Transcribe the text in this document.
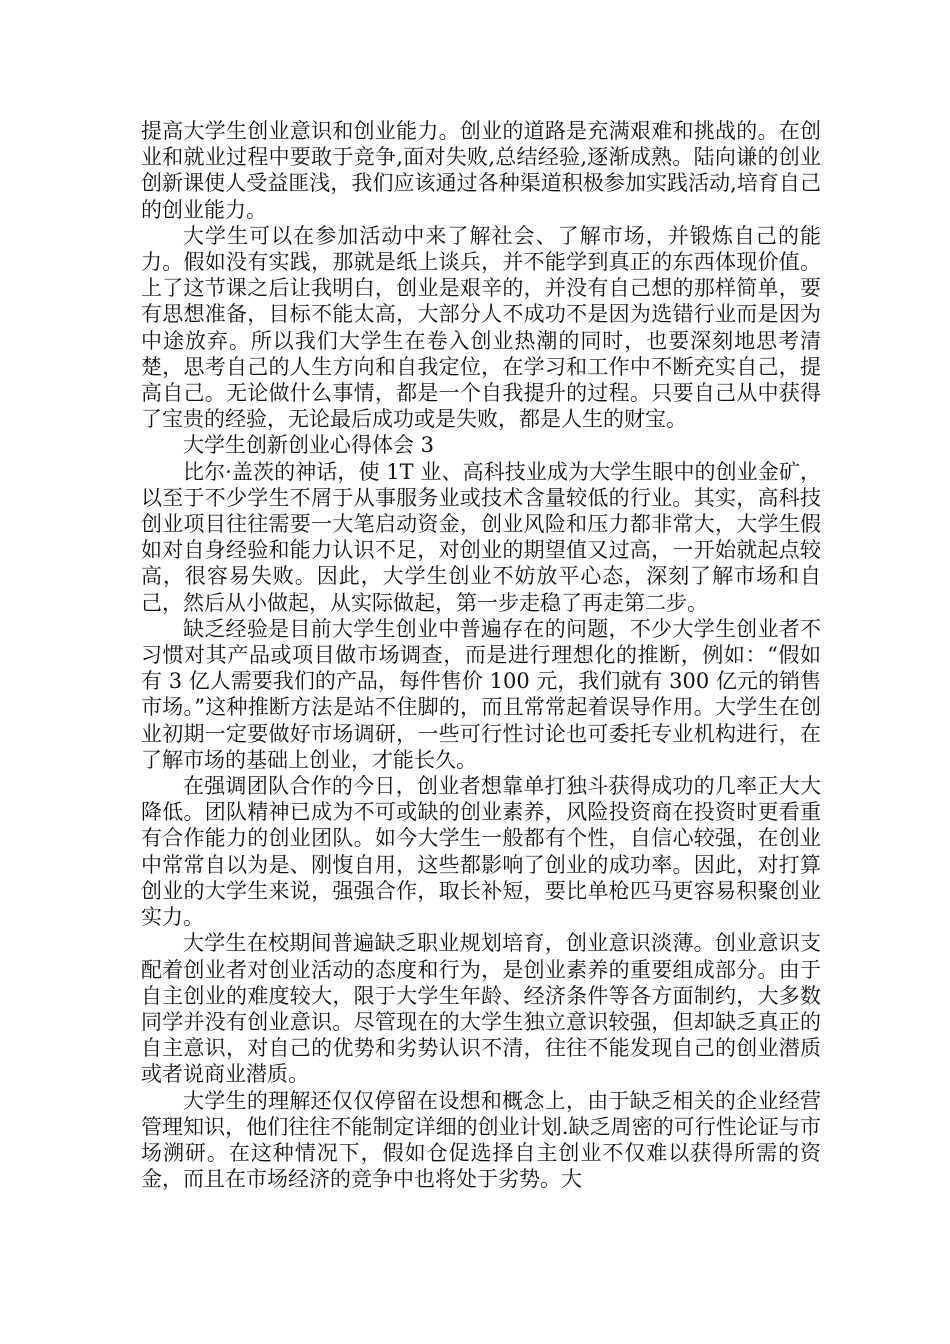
提高大学生创业意识和创业能力。创业的道路是充满艰难和挑战的。在创业和就业过程中要敢于竞争,面对失败,总结经验,逐渐成熟。陆向谦的创业创新课使人受益匪浅，我们应该通过各种渠道积极参加实践活动,培育自己的创业能力。

大学生可以在参加活动中来了解社会、了解市场，并锻炼自己的能力。假如没有实践，那就是纸上谈兵，并不能学到真正的东西体现价值。上了这节课之后让我明白，创业是艰辛的，并没有自己想的那样简单，要有思想准备，目标不能太高，大部分人不成功不是因为选错行业而是因为中途放弃。所以我们大学生在卷入创业热潮的同时，也要深刻地思考清楚，思考自己的人生方向和自我定位，在学习和工作中不断充实自己，提高自己。无论做什么事情，都是一个自我提升的过程。只要自己从中获得了宝贵的经验，无论最后成功或是失败，都是人生的财宝。

大学生创新创业心得体会 3

比尔·盖茨的神话，使 1T 业、高科技业成为大学生眼中的创业金矿，以至于不少学生不屑于从事服务业或技术含量较低的行业。其实，高科技创业项目往往需要一大笔启动资金，创业风险和压力都非常大，大学生假如对自身经验和能力认识不足，对创业的期望值又过高，一开始就起点较高，很容易失败。因此，大学生创业不妨放平心态，深刻了解市场和自己，然后从小做起，从实际做起，第一步走稳了再走第二步。

缺乏经验是目前大学生创业中普遍存在的问题，不少大学生创业者不习惯对其产品或项目做市场调查，而是进行理想化的推断，例如：“假如有 3 亿人需要我们的产品，每件售价 100 元，我们就有 300 亿元的销售市场。”这种推断方法是站不住脚的，而且常常起着误导作用。大学生在创业初期一定要做好市场调研，一些可行性讨论也可委托专业机构进行，在了解市场的基础上创业，才能长久。

在强调团队合作的今日，创业者想靠单打独斗获得成功的几率正大大降低。团队精神已成为不可或缺的创业素养，风险投资商在投资时更看重有合作能力的创业团队。如今大学生一般都有个性，自信心较强，在创业中常常自以为是、刚愎自用，这些都影响了创业的成功率。因此，对打算创业的大学生来说，强强合作，取长补短，要比单枪匹马更容易积聚创业实力。

大学生在校期间普遍缺乏职业规划培育，创业意识淡薄。创业意识支配着创业者对创业活动的态度和行为，是创业素养的重要组成部分。由于自主创业的难度较大，限于大学生年龄、经济条件等各方面制约，大多数同学并没有创业意识。尽管现在的大学生独立意识较强，但却缺乏真正的自主意识，对自己的优势和劣势认识不清，往往不能发现自己的创业潜质或者说商业潜质。

大学生的理解还仅仅停留在设想和概念上，由于缺乏相关的企业经营管理知识，他们往往不能制定详细的创业计划.缺乏周密的可行性论证与市场溯研。在这种情况下，假如仓促选择自主创业不仅难以获得所需的资金，而且在市场经济的竞争中也将处于劣势。大
